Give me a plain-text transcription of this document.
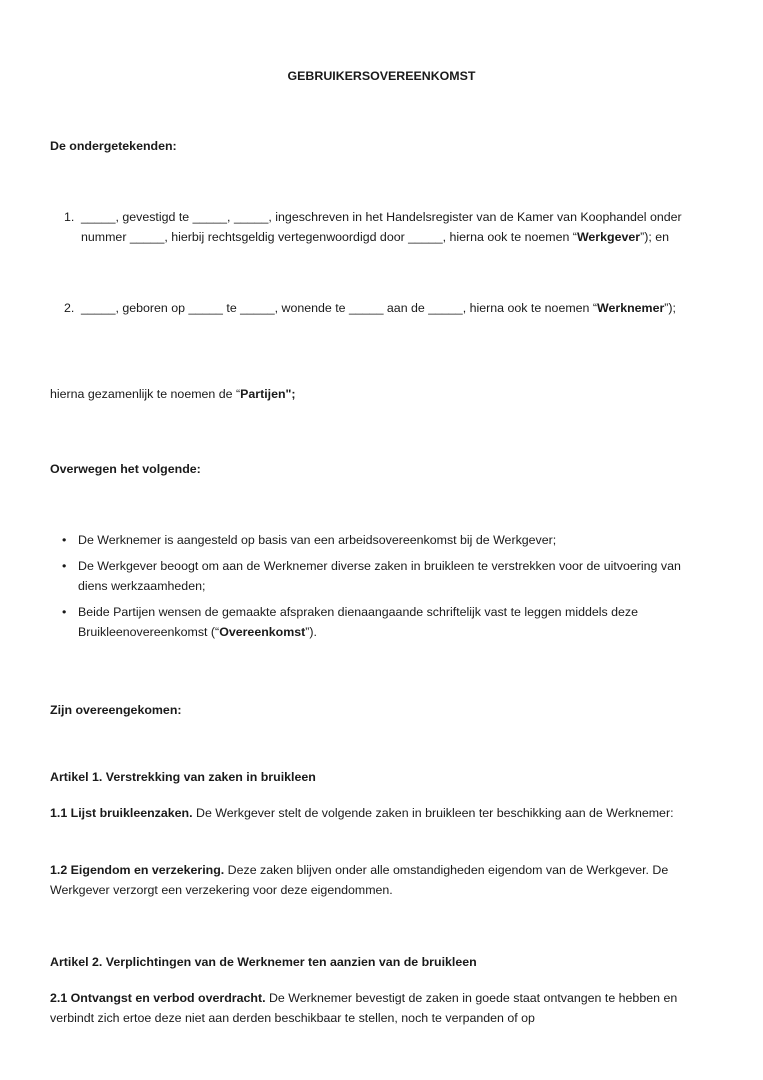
GEBRUIKERSOVEREENKOMST
De ondergetekenden:
1. _____, gevestigd te _____, _____, ingeschreven in het Handelsregister van de Kamer van Koophandel onder nummer _____, hierbij rechtsgeldig vertegenwoordigd door _____, hierna ook te noemen “Werkgever”); en
2. _____, geboren op _____ te _____, wonende te _____ aan de _____, hierna ook te noemen “Werknemer”);
hierna gezamenlijk te noemen de “Partijen";
Overwegen het volgende:
• De Werknemer is aangesteld op basis van een arbeidsovereenkomst bij de Werkgever;
• De Werkgever beoogt om aan de Werknemer diverse zaken in bruikleen te verstrekken voor de uitvoering van diens werkzaamheden;
• Beide Partijen wensen de gemaakte afspraken dienaangaande schriftelijk vast te leggen middels deze Bruikleenovereenkomst (“Overeenkomst”).
Zijn overeengekomen:
Artikel 1. Verstrekking van zaken in bruikleen
1.1 Lijst bruikleenzaken. De Werkgever stelt de volgende zaken in bruikleen ter beschikking aan de Werknemer:
1.2 Eigendom en verzekering. Deze zaken blijven onder alle omstandigheden eigendom van de Werkgever. De Werkgever verzorgt een verzekering voor deze eigendommen.
Artikel 2. Verplichtingen van de Werknemer ten aanzien van de bruikleen
2.1 Ontvangst en verbod overdracht. De Werknemer bevestigt de zaken in goede staat ontvangen te hebben en verbindt zich ertoe deze niet aan derden beschikbaar te stellen, noch te verpanden of op
